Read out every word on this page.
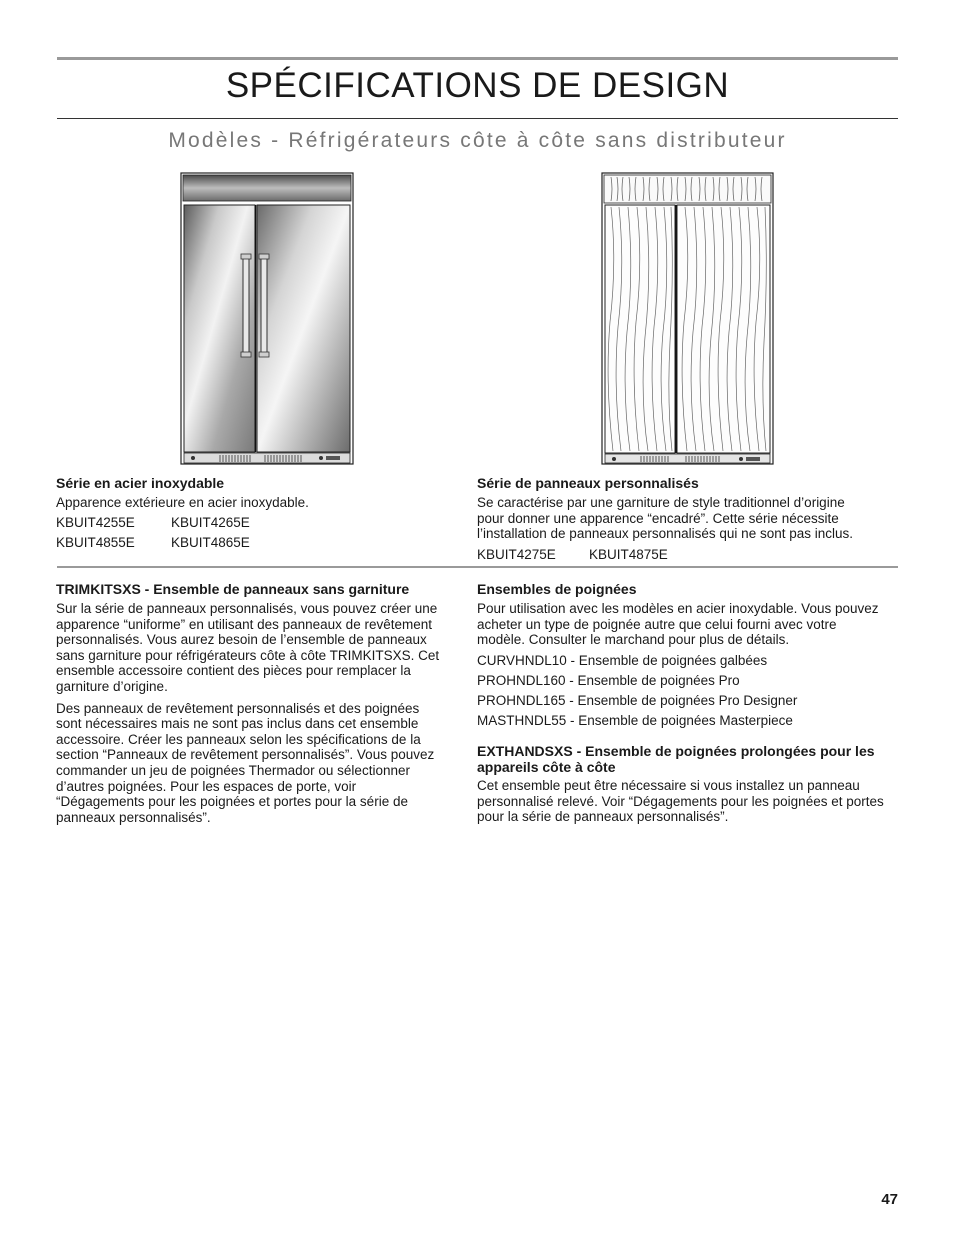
SPÉCIFICATIONS DE DESIGN
Modèles - Réfrigérateurs côte à côte sans distributeur
Série en acier inoxydable

Apparence extérieure en acier inoxydable.

KBUIT4255E	KBUIT4265E
KBUIT4855E	KBUIT4865E
Série de panneaux personnalisés
Se caractérise par une garniture de style traditionnel d’origine
pour donner une apparence “encadré”. Cette série nécessite
l’installation de panneaux personnalisés qui ne sont pas inclus.
KBUIT4275E	KBUIT4875E
TRIMKITSXS - Ensemble de panneaux sans garniture

Sur la série de panneaux personnalisés, vous pouvez créer une
apparence “uniforme” en utilisant des panneaux de revêtement
personnalisés. Vous aurez besoin de l’ensemble de panneaux
sans garniture pour réfrigérateurs côte à côte TRIMKITSXS. Cet
ensemble accessoire contient des pièces pour remplacer la
garniture d’origine.

Des panneaux de revêtement personnalisés et des poignées
sont nécessaires mais ne sont pas inclus dans cet ensemble
accessoire. Créer les panneaux selon les spécifications de la
section “Panneaux de revêtement personnalisés”. Vous pouvez
commander un jeu de poignées Thermador ou sélectionner
d’autres poignées. Pour les espaces de porte, voir
“Dégagements pour les poignées et portes pour la série de
panneaux personnalisés”.

Ensembles de poignées

Pour utilisation avec les modèles en acier inoxydable. Vous pouvez
acheter un type de poignée autre que celui fourni avec votre
modèle. Consulter le marchand pour plus de détails.

CURVHNDL10 - Ensemble de poignées galbées
PROHNDL160 - Ensemble de poignées Pro
PROHNDL165 - Ensemble de poignées Pro Designer
MASTHNDL55 - Ensemble de poignées Masterpiece
EXTHANDSXS - Ensemble de poignées prolongées pour les
appareils côte à côte

Cet ensemble peut être nécessaire si vous installez un panneau
personnalisé relevé. Voir “Dégagements pour les poignées et portes
pour la série de panneaux personnalisés”.

47
